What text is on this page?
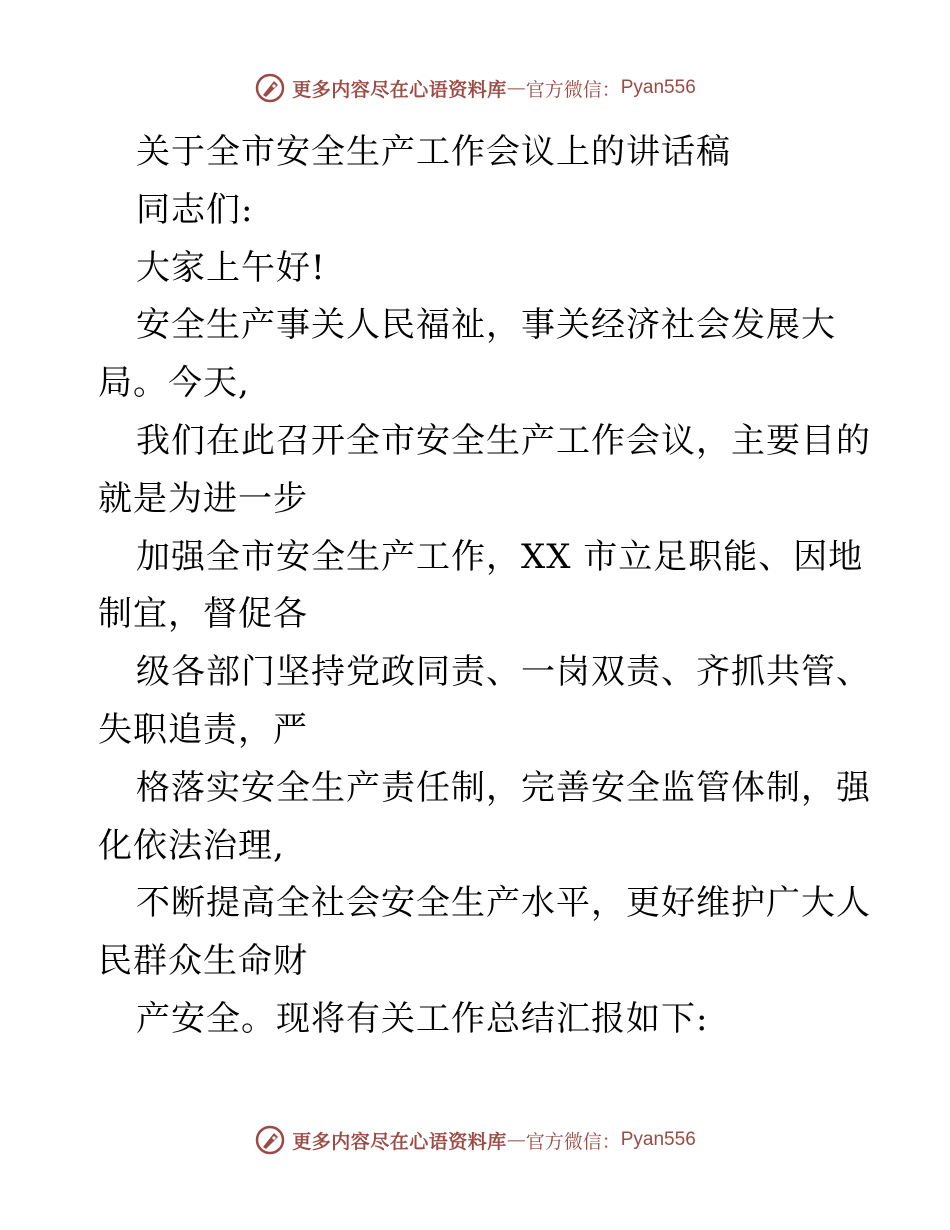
更多内容尽在心语资料库 — 官方微信： Pyan556
关于全市安全生产工作会议上的讲话稿
同志们:
大家上午好!
安全生产事关人民福祉，事关经济社会发展大
局。今天,
我们在此召开全市安全生产工作会议，主要目的
就是为进一步
加强全市安全生产工作，XX 市立足职能、因地
制宜，督促各
级各部门坚持党政同责、一岗双责、齐抓共管、
失职追责，严
格落实安全生产责任制，完善安全监管体制，强
化依法治理,
不断提高全社会安全生产水平，更好维护广大人
民群众生命财
产安全。现将有关工作总结汇报如下:
更多内容尽在心语资料库 — 官方微信： Pyan556
